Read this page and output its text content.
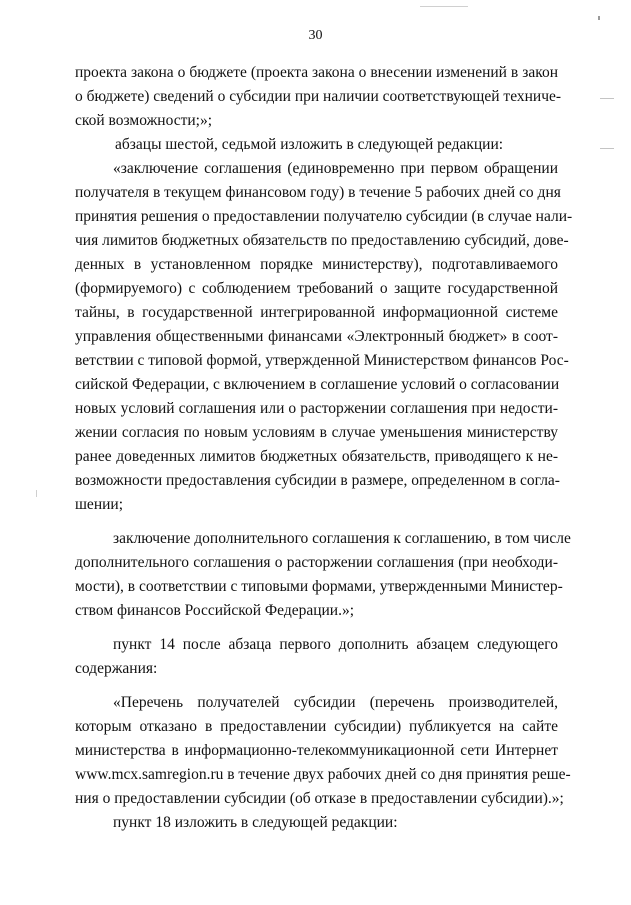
30
проекта закона о бюджете (проекта закона о внесении изменений в закон
о бюджете) сведений о субсидии при наличии соответствующей техниче-
ской возможности;»;
абзацы шестой, седьмой изложить в следующей редакции:
«заключение соглашения (единовременно при первом обращении
получателя в текущем финансовом году) в течение 5 рабочих дней со дня
принятия решения о предоставлении получателю субсидии (в случае нали-
чия лимитов бюджетных обязательств по предоставлению субсидий, дове-
денных в установленном порядке министерству), подготавливаемого
(формируемого) с соблюдением требований о защите государственной
тайны, в государственной интегрированной информационной системе
управления общественными финансами «Электронный бюджет» в соот-
ветствии с типовой формой, утвержденной Министерством финансов Рос-
сийской Федерации, с включением в соглашение условий о согласовании
новых условий соглашения или о расторжении соглашения при недости-
жении согласия по новым условиям в случае уменьшения министерству
ранее доведенных лимитов бюджетных обязательств, приводящего к не-
возможности предоставления субсидии в размере, определенном в согла-
шении;
заключение дополнительного соглашения к соглашению, в том числе
дополнительного соглашения о расторжении соглашения (при необходи-
мости), в соответствии с типовыми формами, утвержденными Министер-
ством финансов Российской Федерации.»;
пункт 14 после абзаца первого дополнить абзацем следующего
содержания:
«Перечень получателей субсидии (перечень производителей,
которым отказано в предоставлении субсидии) публикуется на сайте
министерства в информационно-телекоммуникационной сети Интернет
www.mcx.samregion.ru в течение двух рабочих дней со дня принятия реше-
ния о предоставлении субсидии (об отказе в предоставлении субсидии).»;
пункт 18 изложить в следующей редакции:
